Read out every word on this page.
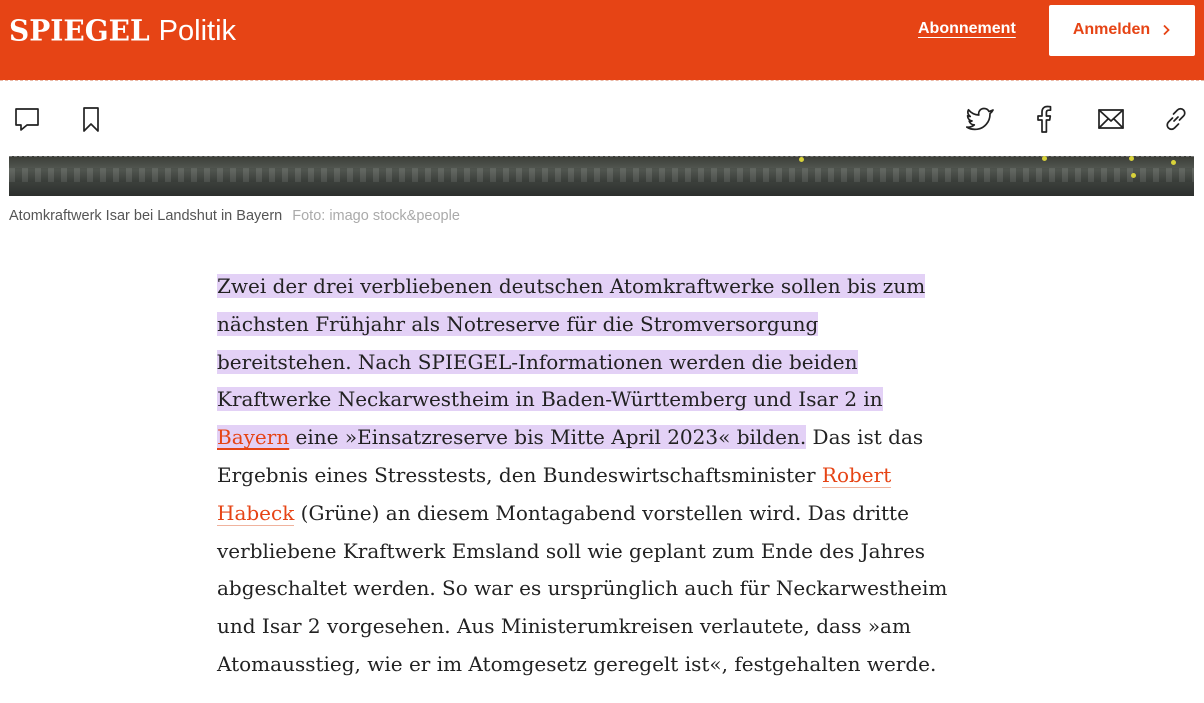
SPIEGEL Politik	Abonnement	Anmelden
Atomkraftwerk Isar bei Landshut in Bayern Foto: imago stock&people
Zwei der drei verbliebenen deutschen Atomkraftwerke sollen bis zum
nächsten Frühjahr als Notreserve für die Stromversorgung
bereitstehen. Nach SPIEGEL-Informationen werden die beiden
Kraftwerke Neckarwestheim in Baden-Württemberg und Isar 2 in
Bayern eine »Einsatzreserve bis Mitte April 2023« bilden. Das ist das
Ergebnis eines Stresstests, den Bundeswirtschaftsminister Robert
Habeck (Grüne) an diesem Montagabend vorstellen wird. Das dritte
verbliebene Kraftwerk Emsland soll wie geplant zum Ende des Jahres
abgeschaltet werden. So war es ursprünglich auch für Neckarwestheim
und Isar 2 vorgesehen. Aus Ministerumkreisen verlautete, dass »am
Atomausstieg, wie er im Atomgesetz geregelt ist«, festgehalten werde.
